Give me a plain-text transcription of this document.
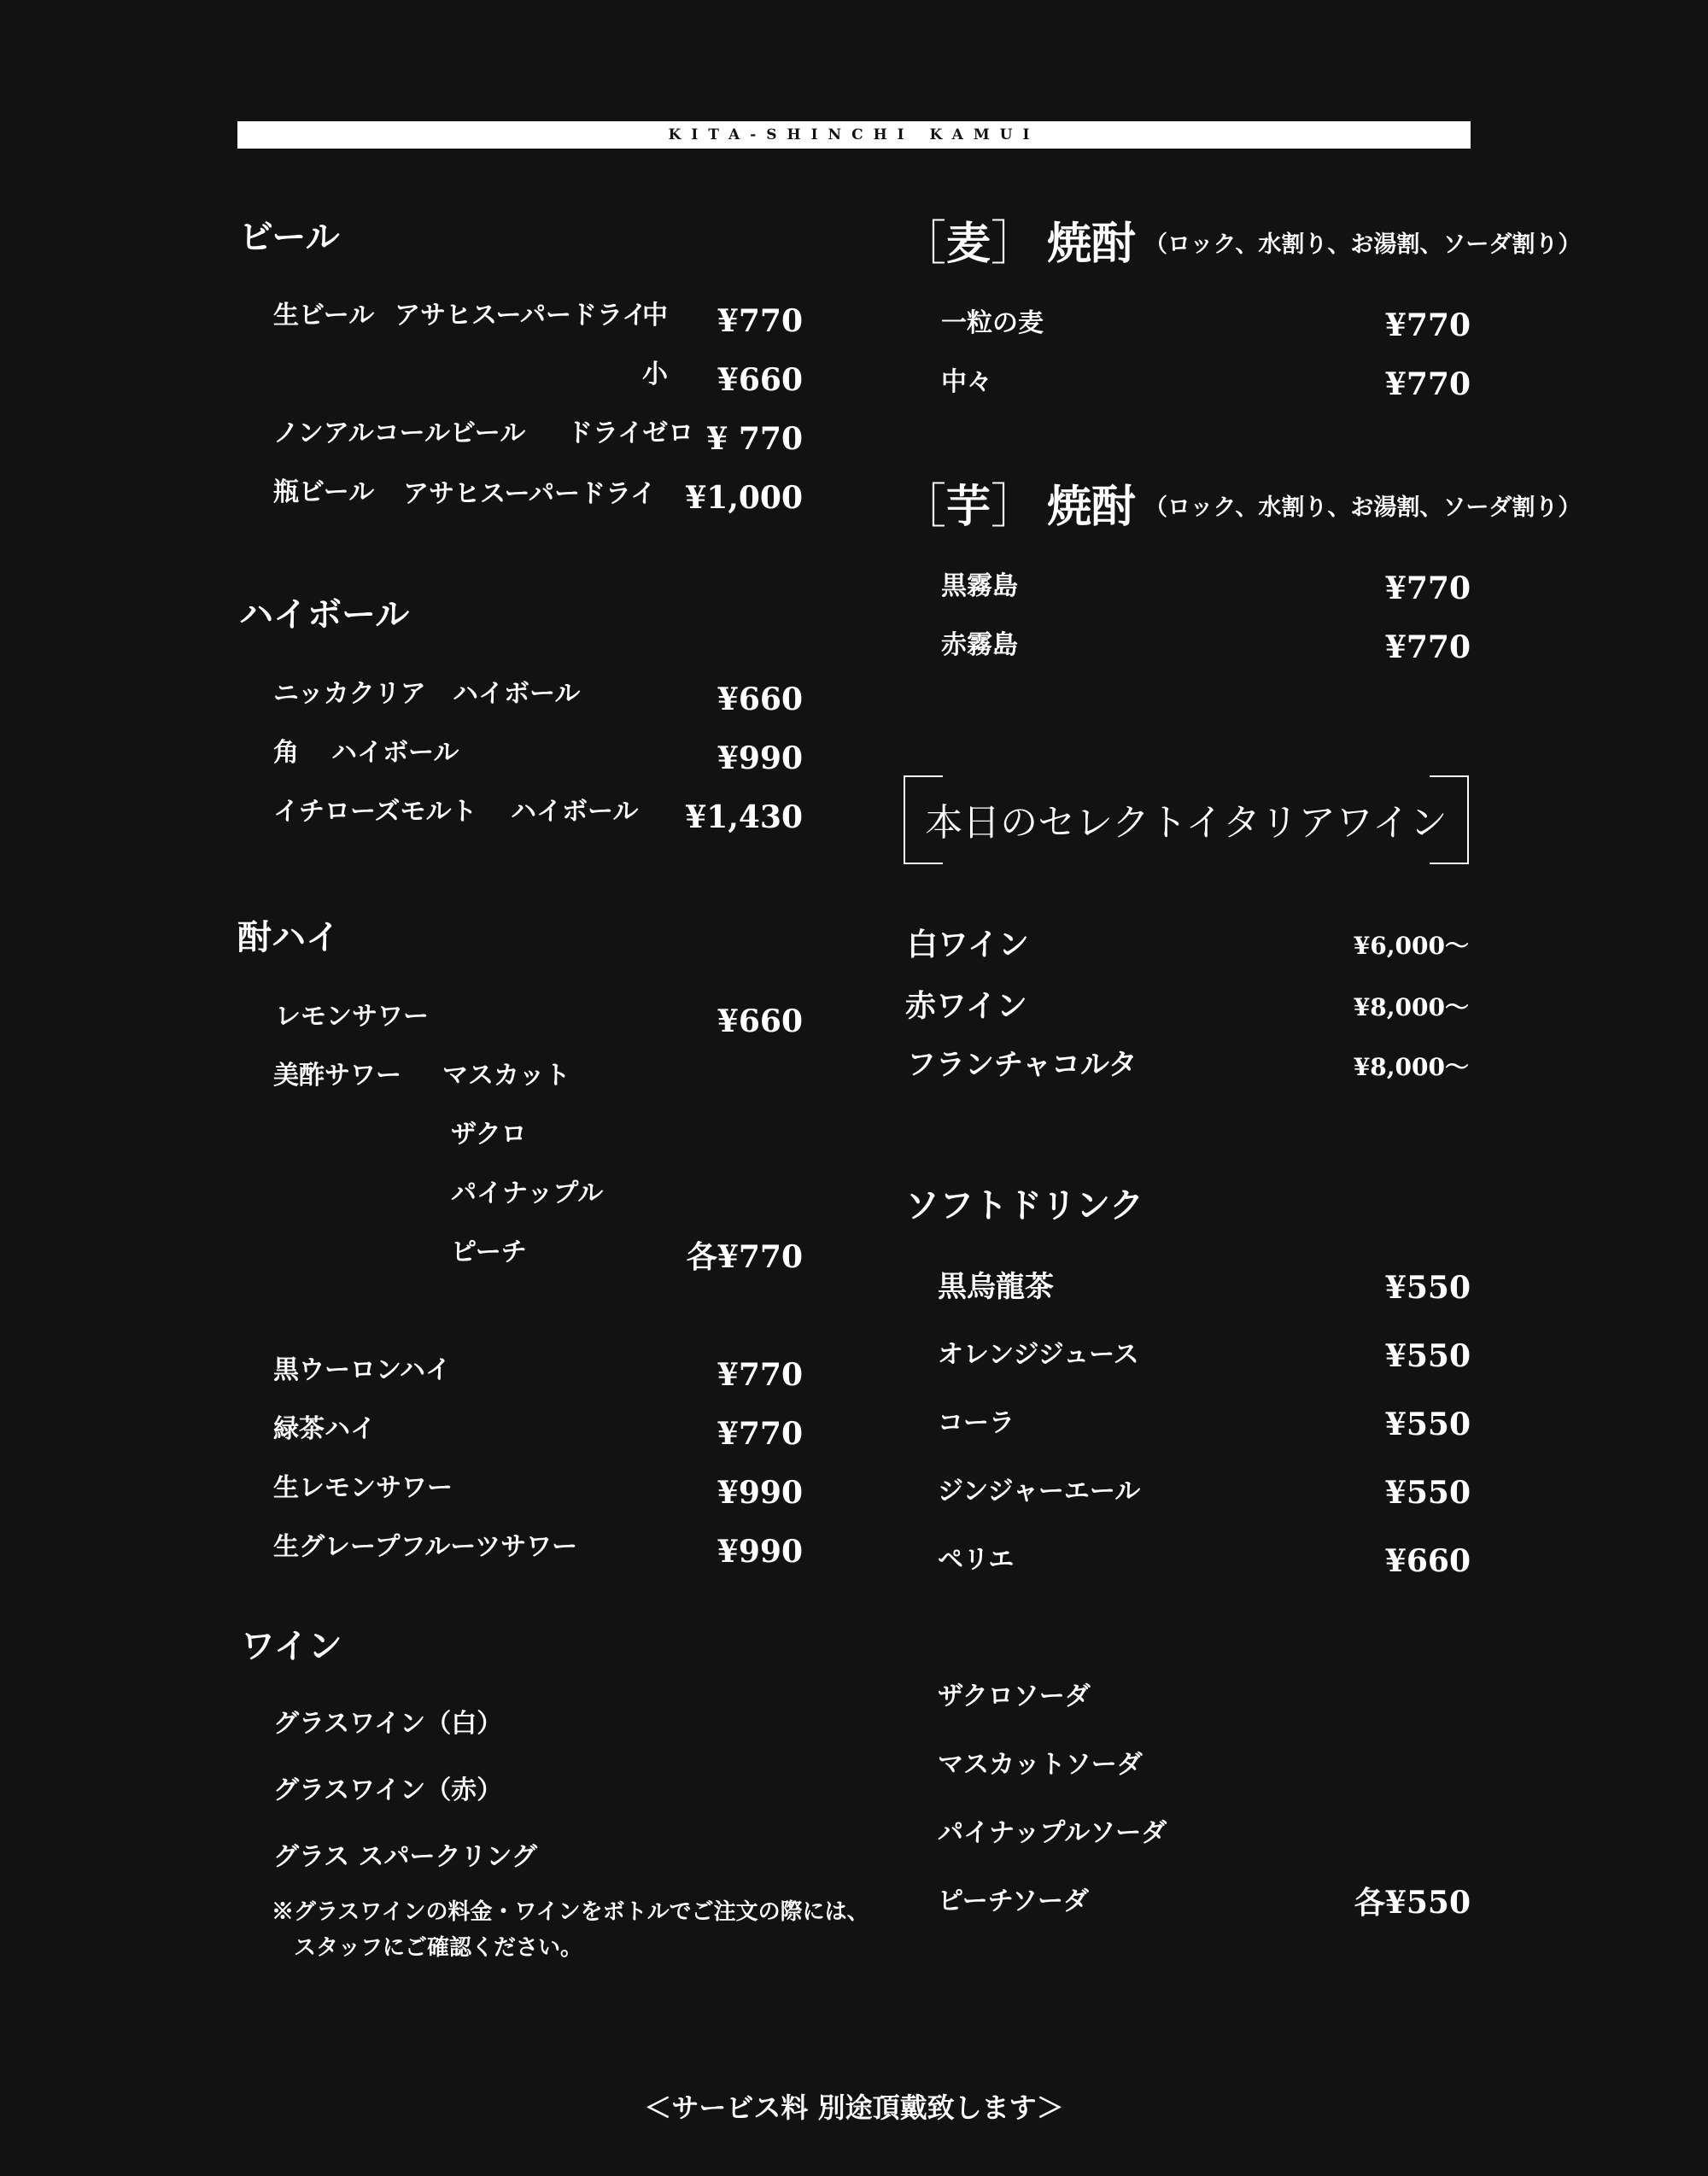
KITA-SHINCHI KAMUI
ビール
生ビール アサヒスーパードライ
中 ¥770
小 ¥660
ノンアルコールビール ドライゼロ ¥ 770
瓶ビール アサヒスーパードライ ¥1,000
ハイボール
ニッカクリア ハイボール	¥660
角 ハイボール	¥990
イチローズモルト ハイボール ¥1,430
酎ハイ
レモンサワー	¥660
美酢サワー マスカット
ザクロ
パイナップル
ピーチ	各¥770
黒ウーロンハイ	¥770
緑茶ハイ	¥770
生レモンサワー	¥990
生グレープフルーツサワー	¥990
ワイン
グラスワイン（白）
グラスワイン（赤）
グラス スパークリング
※グラスワインの料金・ワインをボトルでご注文の際には、
スタッフにご確認ください。
［ 麦 ］ 焼酎 （ロック、水割り、お湯割、ソーダ割り）
一粒の麦	¥770
中々	¥770
［ 芋 ］ 焼酎 （ロック、水割り、お湯割、ソーダ割り）
黒霧島	¥770
赤霧島	¥770
本日のセレクトイタリアワイン
白ワイン	¥6,000～
赤ワイン	¥8,000～
フランチャコルタ	¥8,000～
ソフトドリンク
黒烏龍茶	¥550
オレンジジュース	¥550
コーラ	¥550
ジンジャーエール	¥550
ペリエ	¥660
ザクロソーダ
マスカットソーダ
パイナップルソーダ
ピーチソーダ	各¥550
＜サービス料 別途頂戴致します＞
